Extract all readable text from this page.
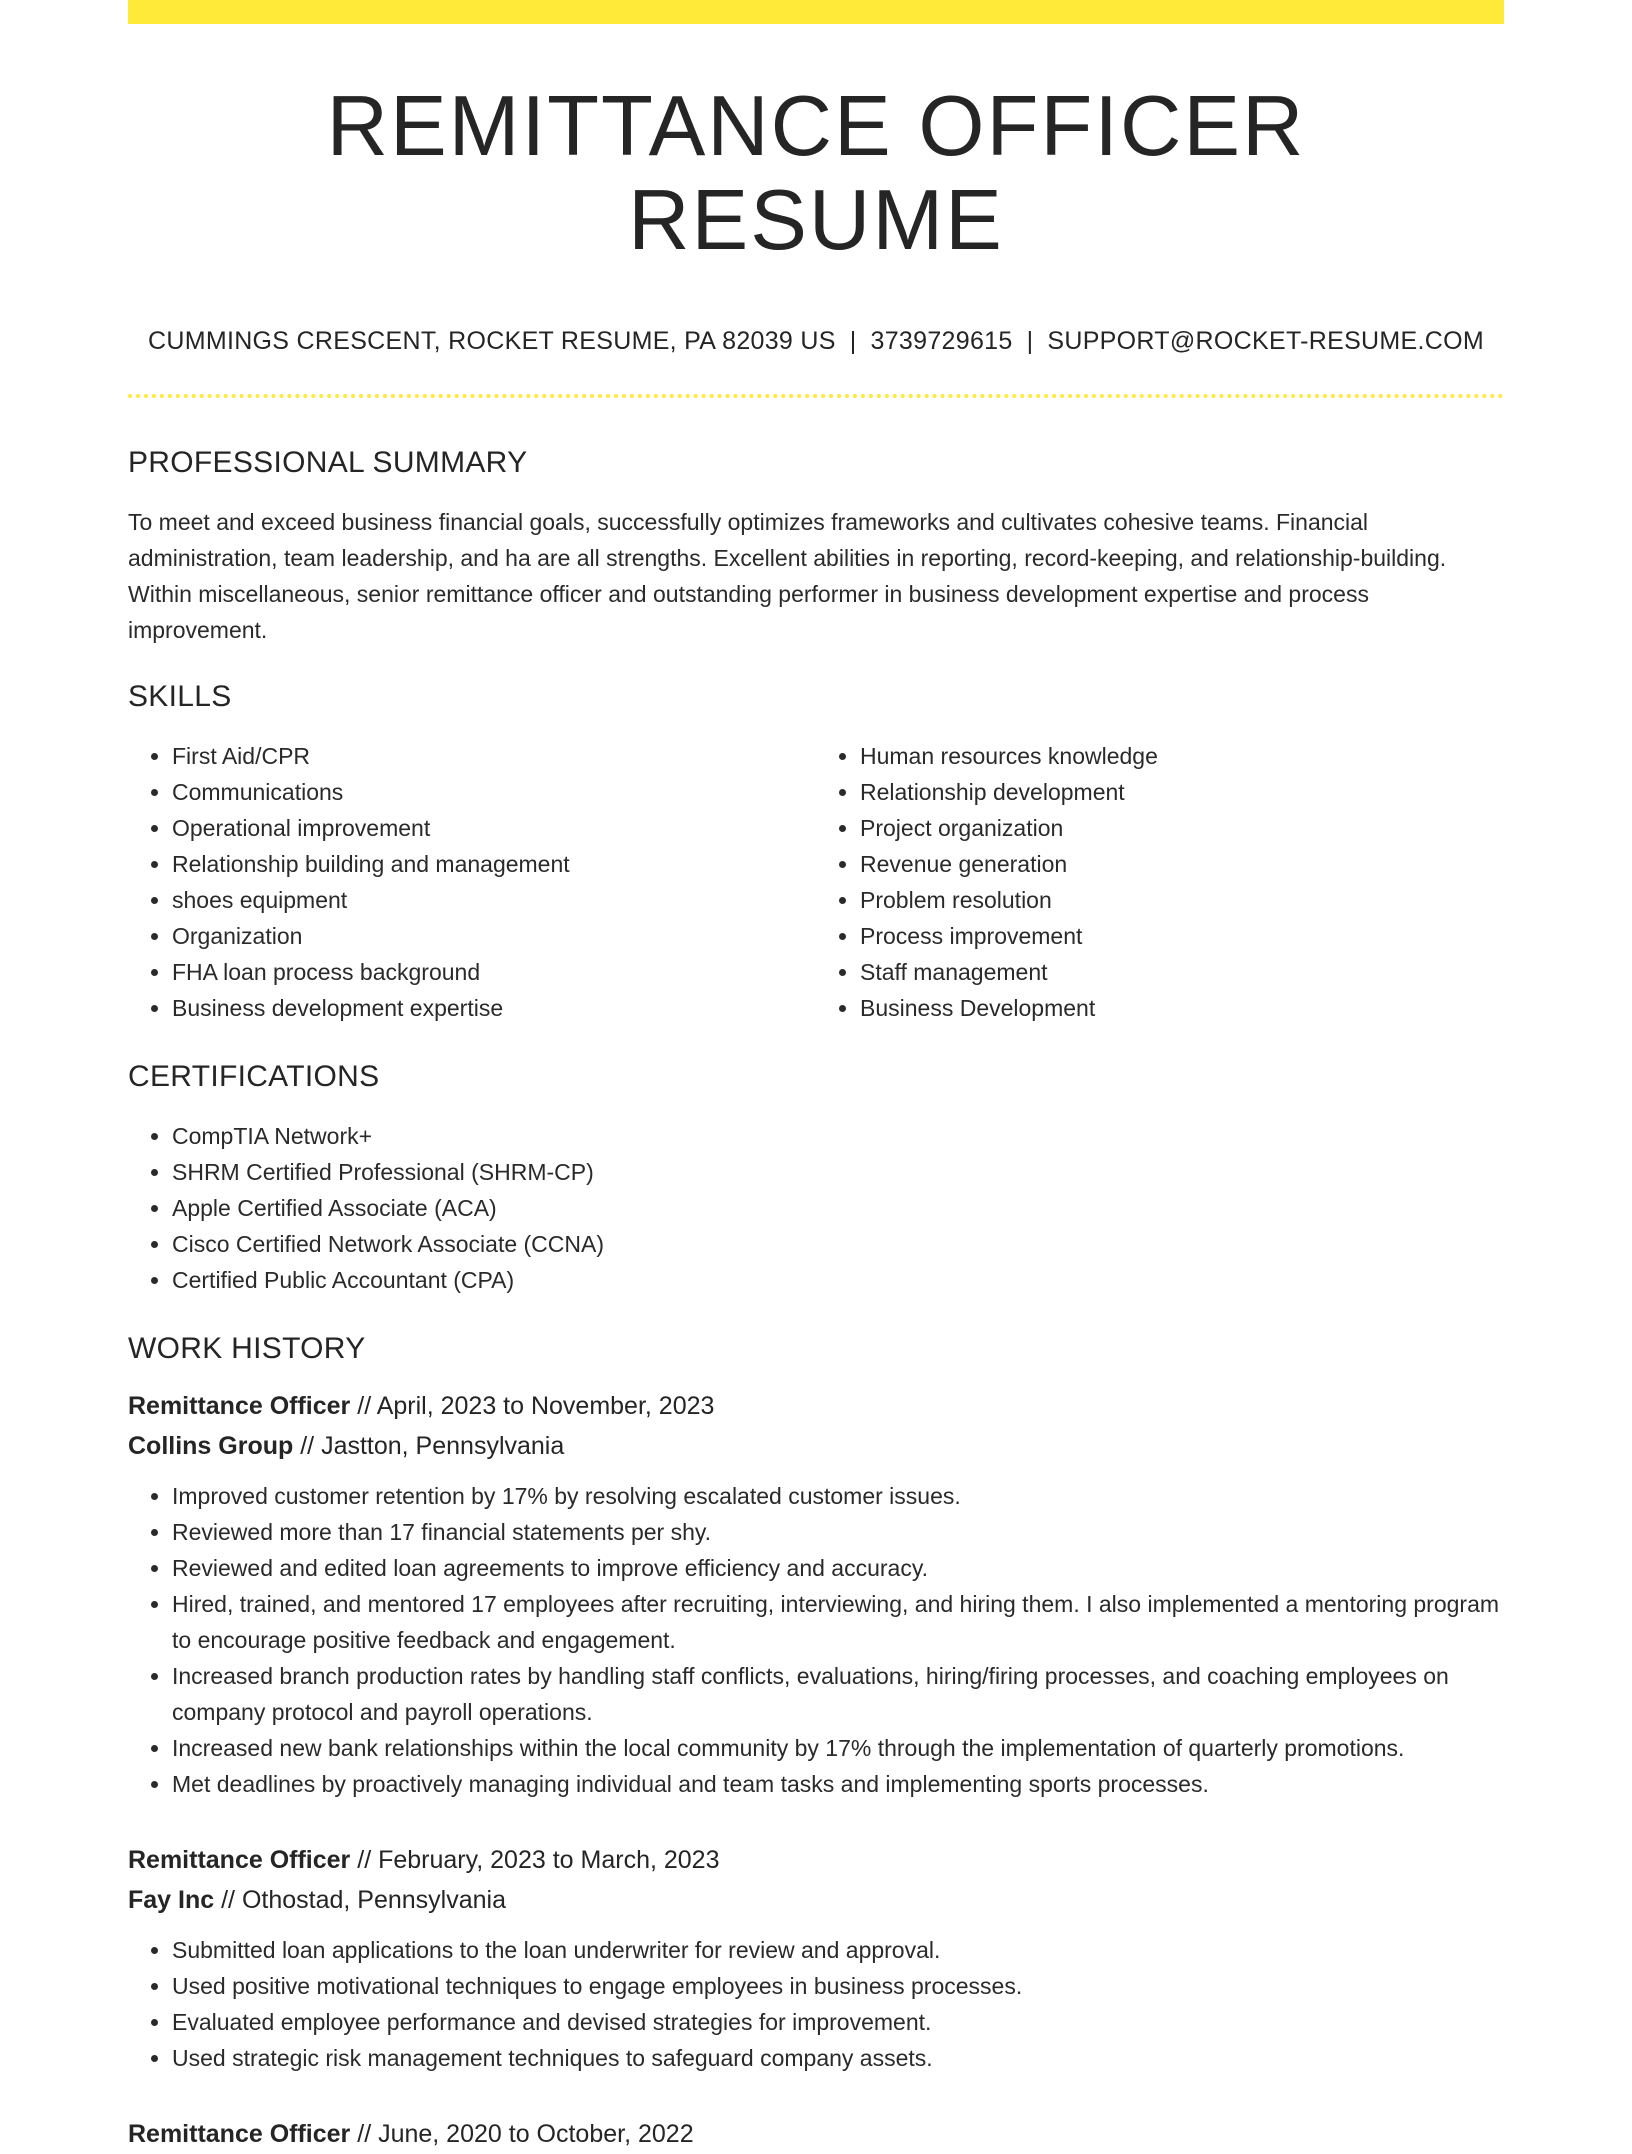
REMITTANCE OFFICER RESUME
CUMMINGS CRESCENT, ROCKET RESUME, PA 82039 US | 3739729615 | SUPPORT@ROCKET-RESUME.COM
PROFESSIONAL SUMMARY
To meet and exceed business financial goals, successfully optimizes frameworks and cultivates cohesive teams. Financial administration, team leadership, and ha are all strengths. Excellent abilities in reporting, record-keeping, and relationship-building. Within miscellaneous, senior remittance officer and outstanding performer in business development expertise and process improvement.
SKILLS
• First Aid/CPR
• Communications
• Operational improvement
• Relationship building and management
• shoes equipment
• Organization
• FHA loan process background
• Business development expertise
• Human resources knowledge
• Relationship development
• Project organization
• Revenue generation
• Problem resolution
• Process improvement
• Staff management
• Business Development
CERTIFICATIONS
• CompTIA Network+
• SHRM Certified Professional (SHRM-CP)
• Apple Certified Associate (ACA)
• Cisco Certified Network Associate (CCNA)
• Certified Public Accountant (CPA)
WORK HISTORY
Remittance Officer // April, 2023 to November, 2023
Collins Group // Jastton, Pennsylvania
• Improved customer retention by 17% by resolving escalated customer issues.
• Reviewed more than 17 financial statements per shy.
• Reviewed and edited loan agreements to improve efficiency and accuracy.
• Hired, trained, and mentored 17 employees after recruiting, interviewing, and hiring them. I also implemented a mentoring program to encourage positive feedback and engagement.
• Increased branch production rates by handling staff conflicts, evaluations, hiring/firing processes, and coaching employees on company protocol and payroll operations.
• Increased new bank relationships within the local community by 17% through the implementation of quarterly promotions.
• Met deadlines by proactively managing individual and team tasks and implementing sports processes.
Remittance Officer // February, 2023 to March, 2023
Fay Inc // Othostad, Pennsylvania
• Submitted loan applications to the loan underwriter for review and approval.
• Used positive motivational techniques to engage employees in business processes.
• Evaluated employee performance and devised strategies for improvement.
• Used strategic risk management techniques to safeguard company assets.
Remittance Officer // June, 2020 to October, 2022
